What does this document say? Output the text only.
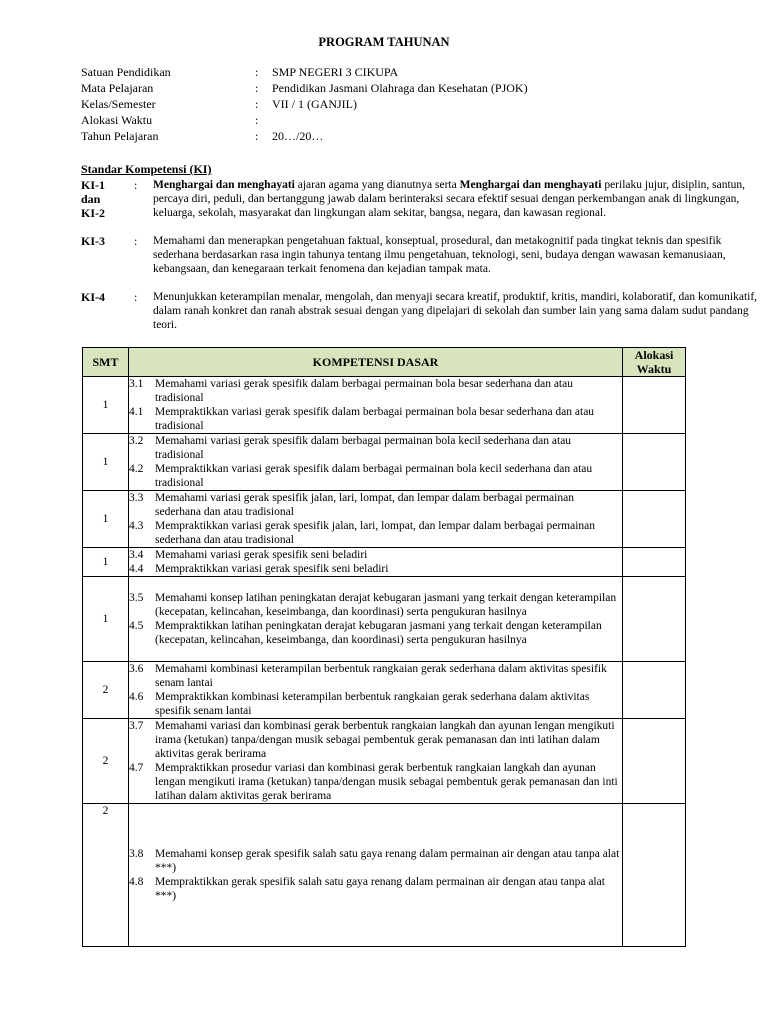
PROGRAM TAHUNAN
Satuan Pendidikan	: SMP NEGERI 3 CIKUPA
Mata Pelajaran	: Pendidikan Jasmani Olahraga dan Kesehatan (PJOK)
Kelas/Semester	: VII / 1 (GANJIL)
Alokasi Waktu	:
Tahun Pelajaran	: 20…/20…
Standar Kompetensi (KI)
KI-1
dan
KI-2
: Menghargai dan menghayati ajaran agama yang dianutnya serta Menghargai dan menghayati perilaku jujur, disiplin, santun, percaya diri, peduli, dan bertanggung jawab dalam berinteraksi secara efektif sesuai dengan perkembangan anak di lingkungan, keluarga, sekolah, masyarakat dan lingkungan alam sekitar, bangsa, negara, dan kawasan regional.
KI-3 : Memahami dan menerapkan pengetahuan faktual, konseptual, prosedural, dan metakognitif pada tingkat teknis dan spesifik sederhana berdasarkan rasa ingin tahunya tentang ilmu pengetahuan, teknologi, seni, budaya dengan wawasan kemanusiaan, kebangsaan, dan kenegaraan terkait fenomena dan kejadian tampak mata.
KI-4 : Menunjukkan keterampilan menalar, mengolah, dan menyaji secara kreatif, produktif, kritis, mandiri, kolaboratif, dan komunikatif, dalam ranah konkret dan ranah abstrak sesuai dengan yang dipelajari di sekolah dan sumber lain yang sama dalam sudut pandang teori.
SMT	KOMPETENSI DASAR	Alokasi
Waktu

1	3.1 Memahami variasi gerak spesifik dalam berbagai permainan bola besar sederhana dan atau tradisional
4.1 Mempraktikkan variasi gerak spesifik dalam berbagai permainan bola besar sederhana dan atau tradisional	

1	3.2 Memahami variasi gerak spesifik dalam berbagai permainan bola kecil sederhana dan atau tradisional
4.2 Mempraktikkan variasi gerak spesifik dalam berbagai permainan bola kecil sederhana dan atau tradisional	

1	3.3 Memahami variasi gerak spesifik jalan, lari, lompat, dan lempar dalam berbagai permainan sederhana dan atau tradisional
4.3 Mempraktikkan variasi gerak spesifik jalan, lari, lompat, dan lempar dalam berbagai permainan sederhana dan atau tradisional	

1	3.4 Memahami variasi gerak spesifik seni beladiri
4.4 Mempraktikkan variasi gerak spesifik seni beladiri	

1	3.5 Memahami konsep latihan peningkatan derajat kebugaran jasmani yang terkait dengan keterampilan (kecepatan, kelincahan, keseimbanga, dan koordinasi) serta pengukuran hasilnya
4.5 Mempraktikkan latihan peningkatan derajat kebugaran jasmani yang terkait dengan keterampilan (kecepatan, kelincahan, keseimbanga, dan koordinasi) serta pengukuran hasilnya	

2	3.6 Memahami kombinasi keterampilan berbentuk rangkaian gerak sederhana dalam aktivitas spesifik senam lantai
4.6 Mempraktikkan kombinasi keterampilan berbentuk rangkaian gerak sederhana dalam aktivitas spesifik senam lantai	

2	3.7 Memahami variasi dan kombinasi gerak berbentuk rangkaian langkah dan ayunan lengan mengikuti irama (ketukan) tanpa/dengan musik sebagai pembentuk gerak pemanasan dan inti latihan dalam aktivitas gerak berirama
4.7 Mempraktikkan prosedur variasi dan kombinasi gerak berbentuk rangkaian langkah dan ayunan lengan mengikuti irama (ketukan) tanpa/dengan musik sebagai pembentuk gerak pemanasan dan inti latihan dalam aktivitas gerak berirama	

2	3.8 Memahami konsep gerak spesifik salah satu gaya renang dalam permainan air dengan atau tanpa alat ***)
4.8 Mempraktikkan gerak spesifik salah satu gaya renang dalam permainan air dengan atau tanpa alat ***)	
